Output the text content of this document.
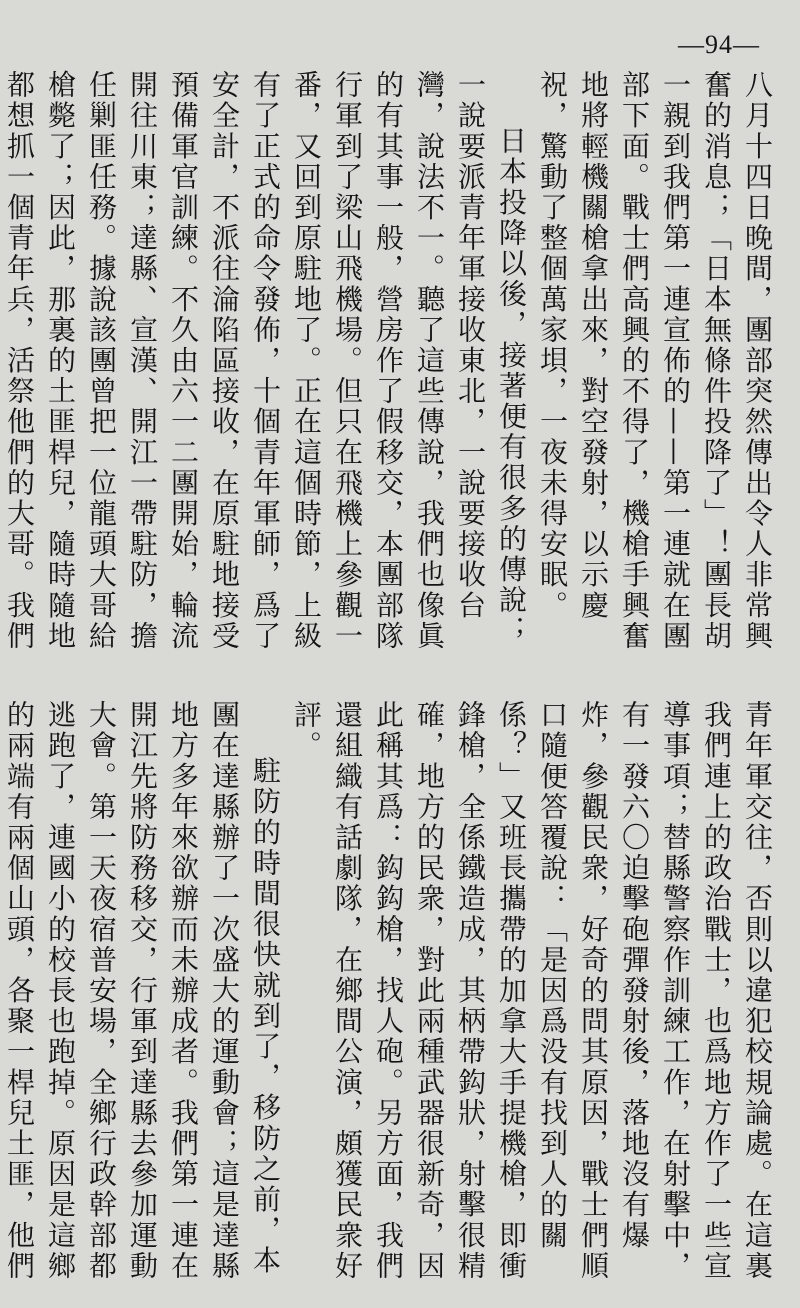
—94—
八月十四日晚間，團部突然傳出令人非常興奮的消息；「日本無條件投降了」！團長胡一親到我們第一連宣佈的——第一連就在團部下面。戰士們高興的不得了，機槍手興奮地將輕機關槍拿出來，對空發射，以示慶祝，驚動了整個萬家垻，一夜未得安眠。
日本投降以後，接著便有很多的傳說；一說要派青年軍接收東北，一說要接收台灣，說法不一。聽了這些傳說，我們也像眞的有其事一般，營房作了假移交，本團部隊行軍到了梁山飛機場。但只在飛機上參觀一番，又回到原駐地了。正在這個時節，上級有了正式的命令發佈，十個青年軍師，爲了安全計，不派往淪陷區接收，在原駐地接受預備軍官訓練。不久由六一二團開始，輪流開往川東；達縣、宣漢、開江一帶駐防，擔任剿匪任務。據說該團曾把一位龍頭大哥給槍斃了；因此，那裏的土匪桿兒，隨時隨地都想抓一個青年兵，活祭他們的大哥。我們
青年軍交往，否則以違犯校規論處。在這裏我們連上的政治戰士，也爲地方作了一些宣導事項；替縣警察作訓練工作，在射擊中，有一發六〇迫擊砲彈發射後，落地沒有爆炸，參觀民衆，好奇的問其原因，戰士們順口隨便答覆說：「是因爲没有找到人的關係？」又班長攜帶的加拿大手提機槍，即衝鋒槍，全係鐵造成，其柄帶鈎狀，射擊很精確，地方的民衆，對此兩種武器很新奇，因此稱其爲：鈎鈎槍，找人砲。另方面，我們還組織有話劇隊，在鄉間公演，頗獲民衆好評。
駐防的時間很快就到了，移防之前，本團在達縣辦了一次盛大的運動會；這是達縣地方多年來欲辦而未辦成者。我們第一連在開江先將防務移交，行軍到達縣去參加運動大會。第一天夜宿普安場，全鄉行政幹部都逃跑了，連國小的校長也跑掉。原因是這鄉的兩端有兩個山頭，各聚一桿兒土匪，他們
